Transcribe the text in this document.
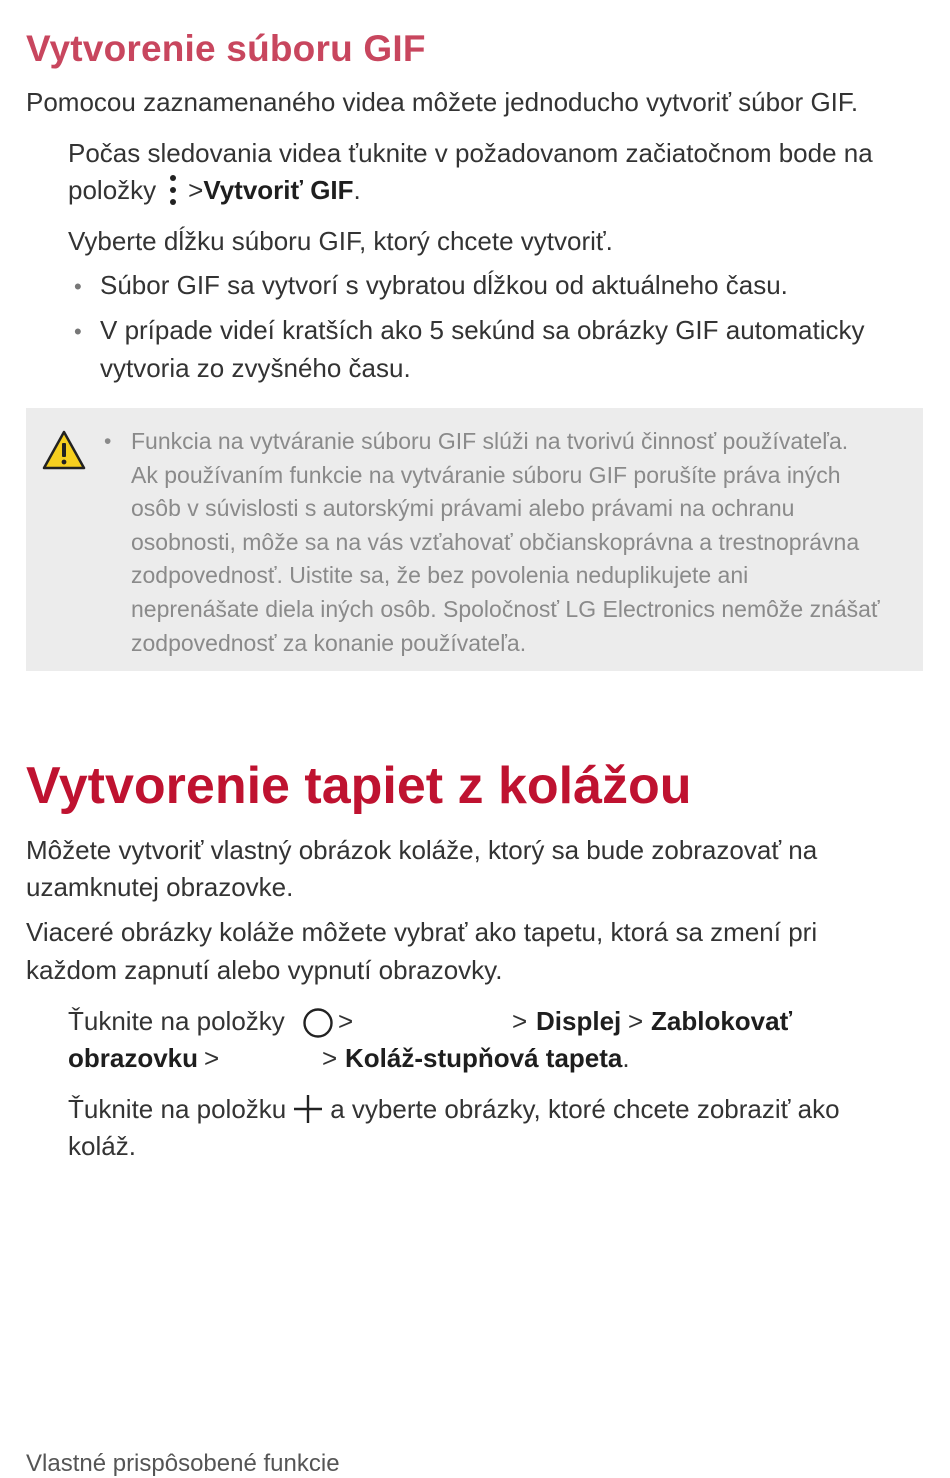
Vytvorenie súboru GIF
Pomocou zaznamenaného videa môžete jednoducho vytvoriť súbor GIF.
Počas sledovania videa ťuknite v požadovanom začiatočnom bode na
položky > Vytvoriť GIF .
Vyberte dĺžku súboru GIF, ktorý chcete vytvoriť.
• Súbor GIF sa vytvorí s vybratou dĺžkou od aktuálneho času.
• V prípade videí kratších ako 5 sekúnd sa obrázky GIF automaticky
vytvoria zo zvyšného času.
• Funkcia na vytváranie súboru GIF slúži na tvorivú činnosť používateľa.
Ak používaním funkcie na vytváranie súboru GIF porušíte práva iných
osôb v súvislosti s autorskými právami alebo právami na ochranu
osobnosti, môže sa na vás vzťahovať občianskoprávna a trestnoprávna
zodpovednosť. Uistite sa, že bez povolenia neduplikujete ani
neprenášate diela iných osôb. Spoločnosť LG Electronics nemôže znášať
zodpovednosť za konanie používateľa.
Vytvorenie tapiet z kolážou
Môžete vytvoriť vlastný obrázok koláže, ktorý sa bude zobrazovať na
uzamknutej obrazovke.
Viaceré obrázky koláže môžete vybrať ako tapetu, ktorá sa zmení pri
každom zapnutí alebo vypnutí obrazovky.
Ťuknite na položky >	> Displej > Zablokovať
obrazovku >	> Koláž-stupňová tapeta.
Ťuknite na položku a vyberte obrázky, ktoré chcete zobraziť ako
koláž.
Vlastné prispôsobené funkcie
